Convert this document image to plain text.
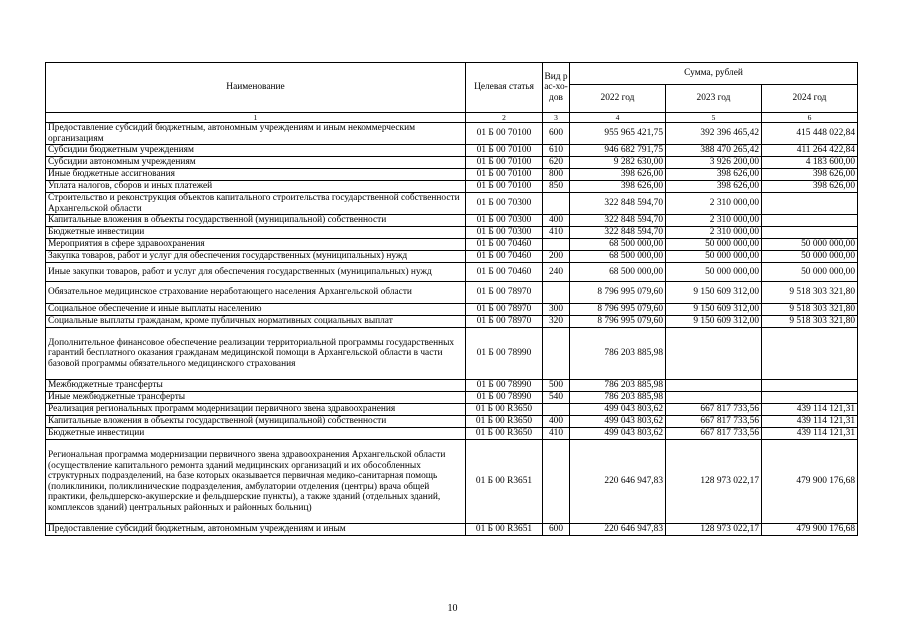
Наименование	Целевая статья	Вид рас-хо-дов	Сумма, рублей		
			2022 год	2023 год	2024 год
1	2	3	4	5	6
Предоставление субсидий бюджетным, автономным учреждениям и иным некоммерческим организациям	01 Б 00 70100	600	955 965 421,75	392 396 465,42	415 448 022,84
Субсидии бюджетным учреждениям	01 Б 00 70100	610	946 682 791,75	388 470 265,42	411 264 422,84
Субсидии автономным учреждениям	01 Б 00 70100	620	9 282 630,00	3 926 200,00	4 183 600,00
Иные бюджетные ассигнования	01 Б 00 70100	800	398 626,00	398 626,00	398 626,00
Уплата налогов, сборов и иных платежей	01 Б 00 70100	850	398 626,00	398 626,00	398 626,00
Строительство и реконструкция объектов капитального строительства государственной собственности Архангельской области	01 Б 00 70300		322 848 594,70	2 310 000,00	
Капитальные вложения в объекты государственной (муниципальной) собственности	01 Б 00 70300	400	322 848 594,70	2 310 000,00	
Бюджетные инвестиции	01 Б 00 70300	410	322 848 594,70	2 310 000,00	
Мероприятия в сфере здравоохранения	01 Б 00 70460		68 500 000,00	50 000 000,00	50 000 000,00
Закупка товаров, работ и услуг для обеспечения государственных (муниципальных) нужд	01 Б 00 70460	200	68 500 000,00	50 000 000,00	50 000 000,00
Иные закупки товаров, работ и услуг для обеспечения государственных (муниципальных) нужд	01 Б 00 70460	240	68 500 000,00	50 000 000,00	50 000 000,00
Обязательное медицинское страхование неработающего населения Архангельской области	01 Б 00 78970		8 796 995 079,60	9 150 609 312,00	9 518 303 321,80
Социальное обеспечение и иные выплаты населению	01 Б 00 78970	300	8 796 995 079,60	9 150 609 312,00	9 518 303 321,80
Социальные выплаты гражданам, кроме публичных нормативных социальных выплат	01 Б 00 78970	320	8 796 995 079,60	9 150 609 312,00	9 518 303 321,80
Дополнительное финансовое обеспечение реализации территориальной программы государственных гарантий бесплатного оказания гражданам медицинской помощи в Архангельской области в части базовой программы обязательного медицинского страхования	01 Б 00 78990		786 203 885,98		
Межбюджетные трансферты	01 Б 00 78990	500	786 203 885,98		
Иные межбюджетные трансферты	01 Б 00 78990	540	786 203 885,98		
Реализация региональных программ модернизации первичного звена здравоохранения	01 Б 00 R3650		499 043 803,62	667 817 733,56	439 114 121,31
Капитальные вложения в объекты государственной (муниципальной) собственности	01 Б 00 R3650	400	499 043 803,62	667 817 733,56	439 114 121,31
Бюджетные инвестиции	01 Б 00 R3650	410	499 043 803,62	667 817 733,56	439 114 121,31
Региональная программа модернизации первичного звена здравоохранения Архангельской области (осуществление капитального ремонта зданий медицинских организаций и их обособленных структурных подразделений, на базе которых оказывается первичная медико-санитарная помощь (поликлиники, поликлинические подразделения, амбулатории отделения (центры) врача общей практики, фельдшерско-акушерские и фельдшерские пункты), а также зданий (отдельных зданий, комплексов зданий) центральных районных и районных больниц)	01 Б 00 R3651		220 646 947,83	128 973 022,17	479 900 176,68
Предоставление субсидий бюджетным, автономным учреждениям и иным	01 Б 00 R3651	600	220 646 947,83	128 973 022,17	479 900 176,68
10
